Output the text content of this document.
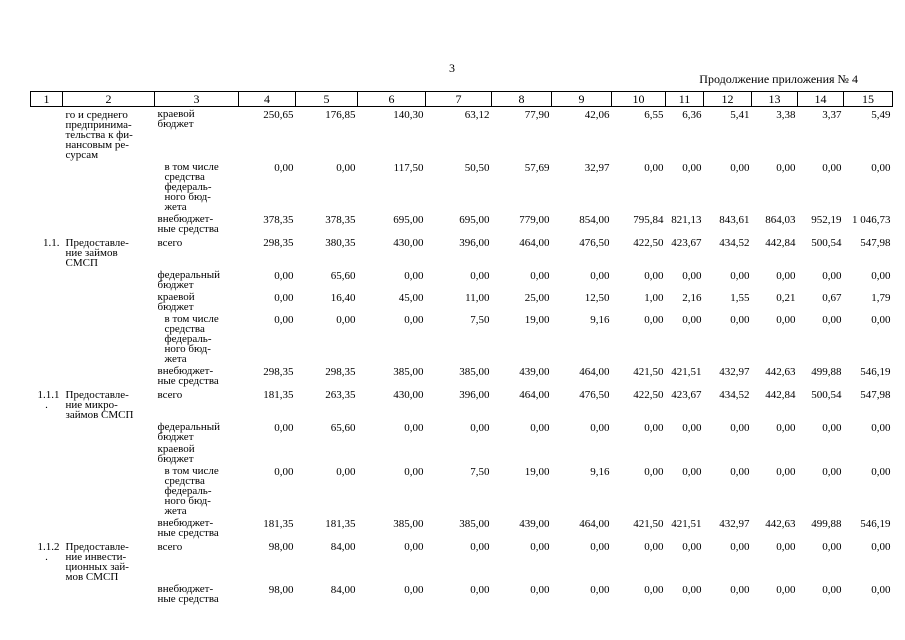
3
Продолжение приложения № 4
1	2	3	4	5	6	7	8	9	10	11	12	13	14	15

	го и среднего
предпринима-
тельства к фи-
нансовым ре-
сурсам	краевой
бюджет	250,65	176,85	140,30	63,12	77,90	42,06	6,55	6,36	5,41	3,38	3,37	5,49

		в том числе
средства
федераль-
ного бюд-
жета	0,00	0,00	117,50	50,50	57,69	32,97	0,00	0,00	0,00	0,00	0,00	0,00

		внебюджет-
ные средства	378,35	378,35	695,00	695,00	779,00	854,00	795,84	821,13	843,61	864,03	952,19	1 046,73

1.1.	Предоставле-
ние займов
СМСП	всего	298,35	380,35	430,00	396,00	464,00	476,50	422,50	423,67	434,52	442,84	500,54	547,98

		федеральный
бюджет	0,00	65,60	0,00	0,00	0,00	0,00	0,00	0,00	0,00	0,00	0,00	0,00

		краевой
бюджет	0,00	16,40	45,00	11,00	25,00	12,50	1,00	2,16	1,55	0,21	0,67	1,79

		в том числе
средства
федераль-
ного бюд-
жета	0,00	0,00	0,00	7,50	19,00	9,16	0,00	0,00	0,00	0,00	0,00	0,00

		внебюджет-
ные средства	298,35	298,35	385,00	385,00	439,00	464,00	421,50	421,51	432,97	442,63	499,88	546,19

1.1.1
.	Предоставле-
ние микро-
займов СМСП	всего	181,35	263,35	430,00	396,00	464,00	476,50	422,50	423,67	434,52	442,84	500,54	547,98

		федеральный
бюджет	0,00	65,60	0,00	0,00	0,00	0,00	0,00	0,00	0,00	0,00	0,00	0,00

		краевой
бюджет												

		в том числе
средства
федераль-
ного бюд-
жета	0,00	0,00	0,00	7,50	19,00	9,16	0,00	0,00	0,00	0,00	0,00	0,00

		внебюджет-
ные средства	181,35	181,35	385,00	385,00	439,00	464,00	421,50	421,51	432,97	442,63	499,88	546,19

1.1.2
.	Предоставле-
ние инвести-
ционных зай-
мов СМСП	всего	98,00	84,00	0,00	0,00	0,00	0,00	0,00	0,00	0,00	0,00	0,00	0,00

		внебюджет-
ные средства	98,00	84,00	0,00	0,00	0,00	0,00	0,00	0,00	0,00	0,00	0,00	0,00
